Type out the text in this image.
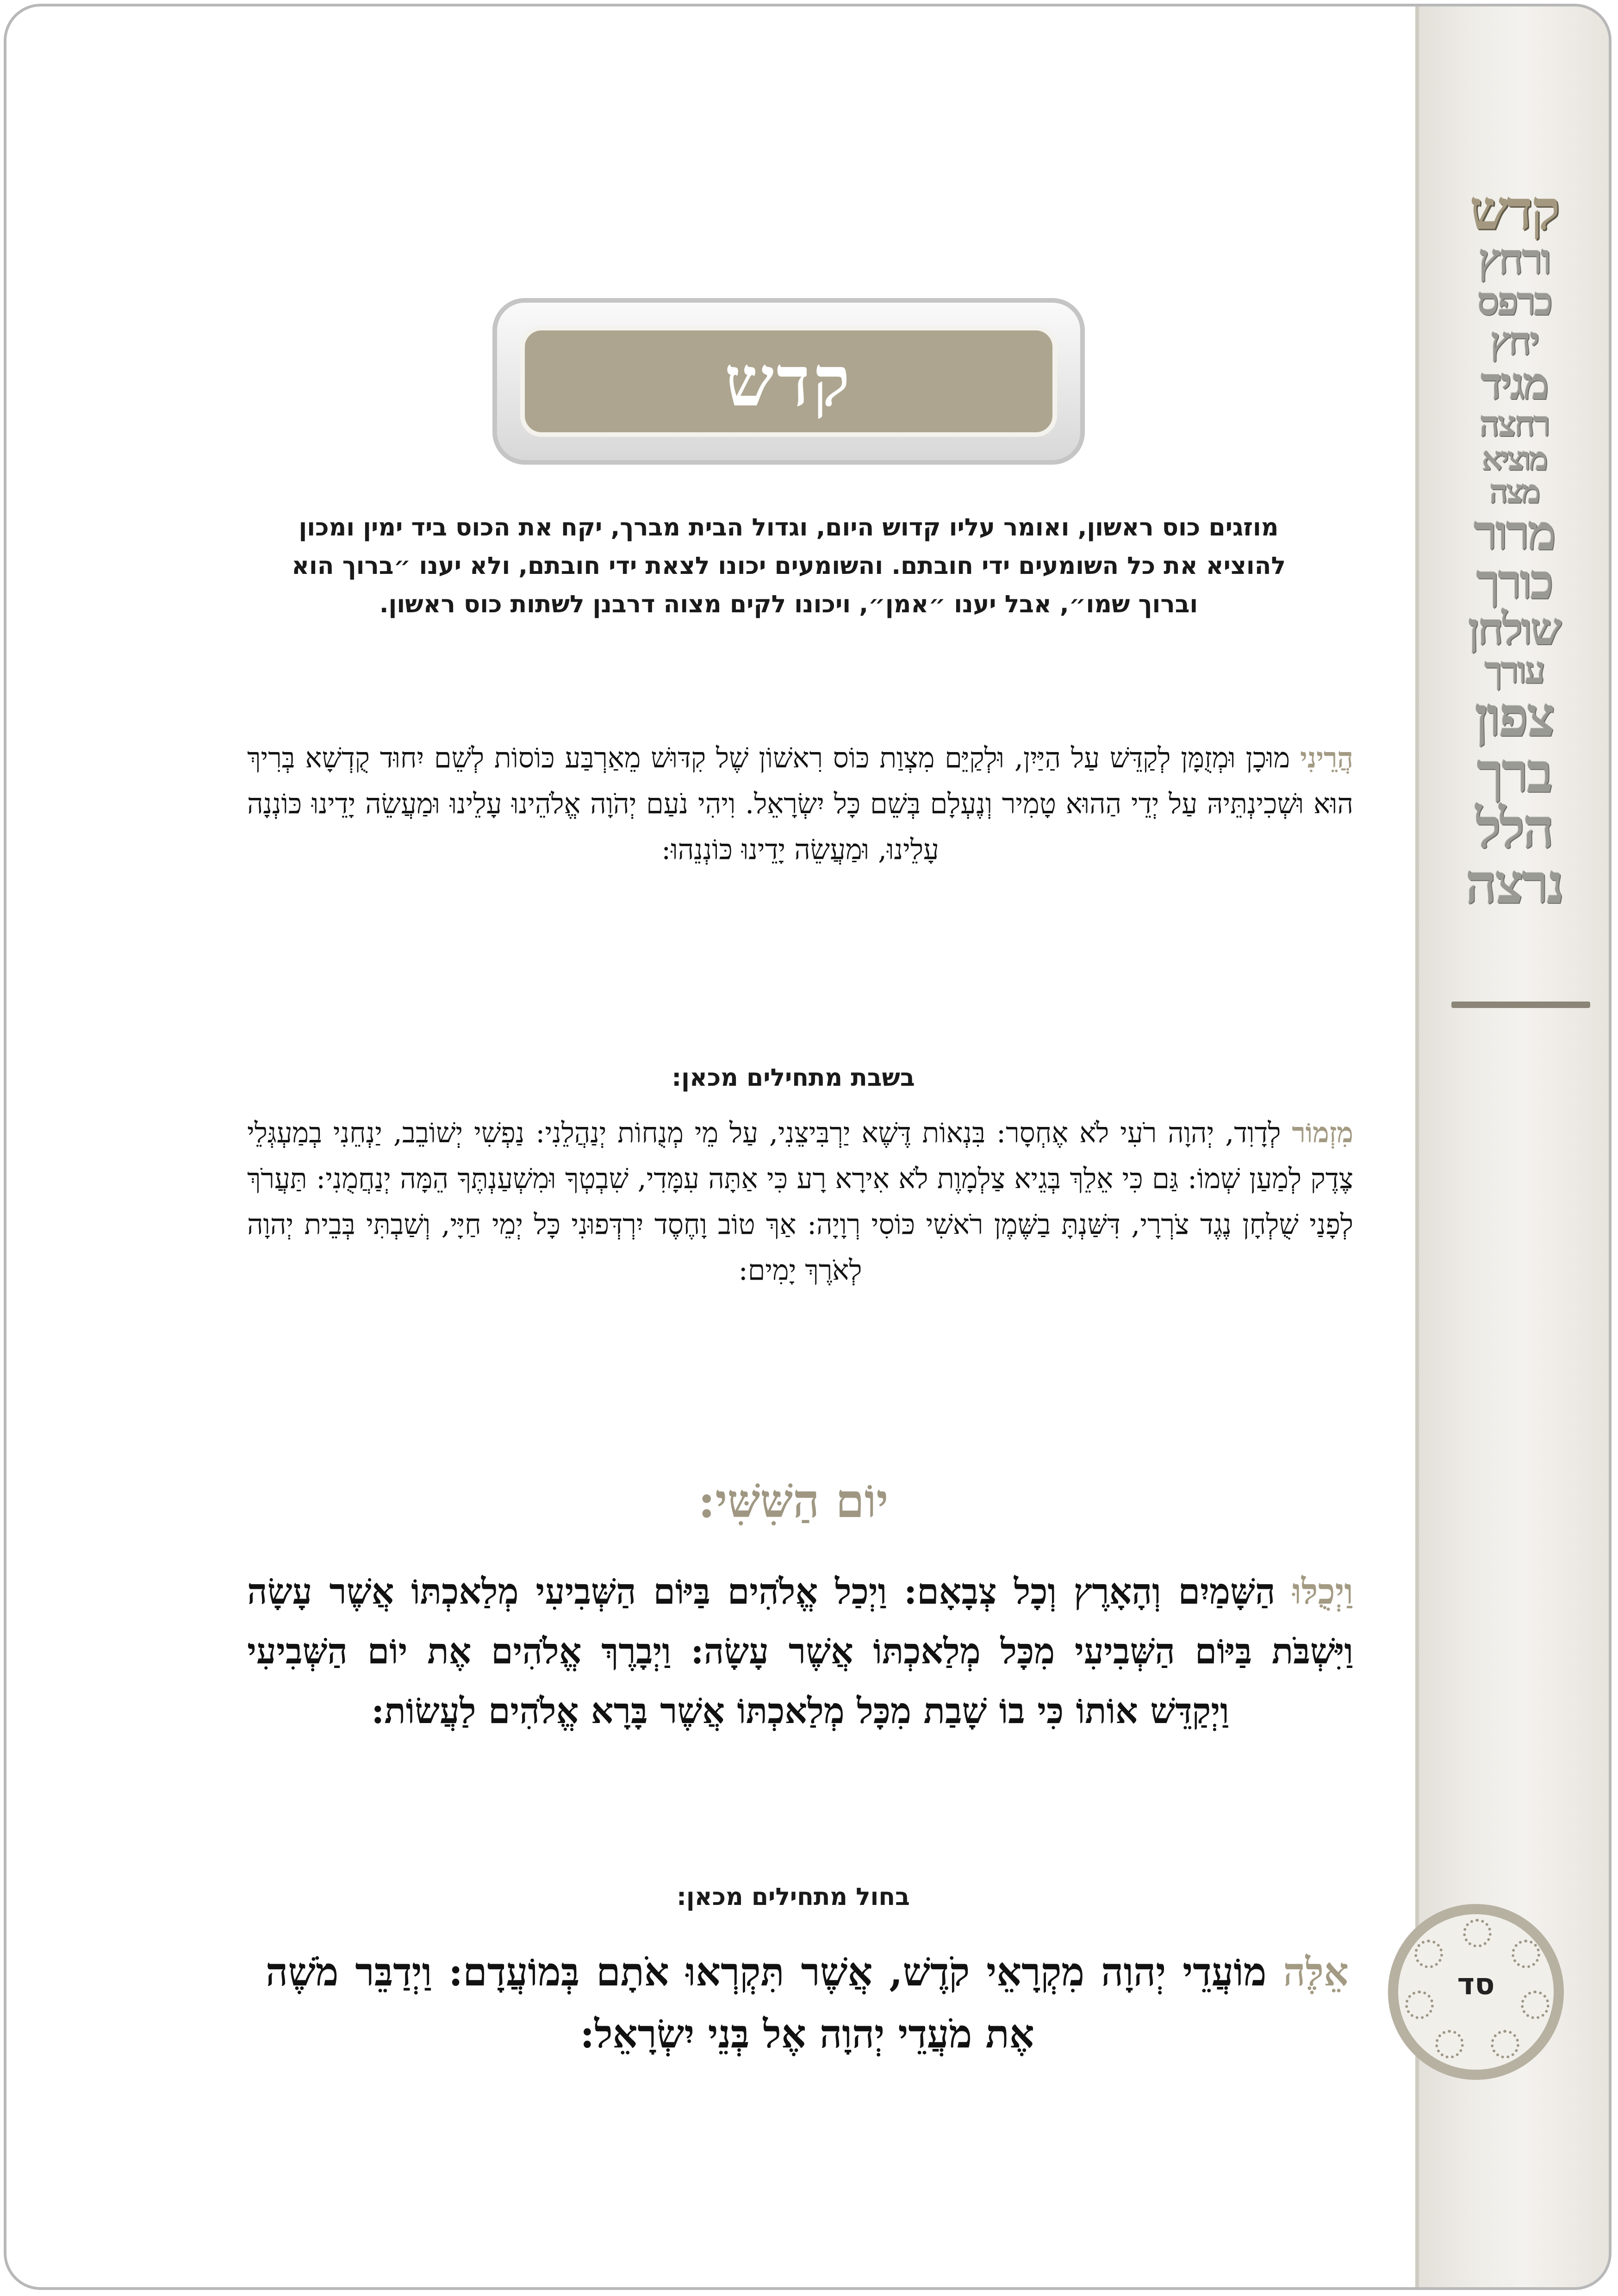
קדש
ורחץ
כרפס
יחץ
מגיד
רחצה
מוציא
מצה
מרור
כורך
שולחן
עורך
צפון
ברך
הלל
נרצה
סד
קדש
מוזגים כוס ראשון, ואומר עליו קדוש היום, וגדול הבית מברך, יקח את הכוס ביד ימין ומכון להוציא את כל השומעים ידי חובתם. והשומעים יכונו לצאת ידי חובתם, ולא יענו ״ברוך הוא וברוך שמו״, אבל יענו ״אמן״, ויכונו לקים מצוה דרבנן לשתות כוס ראשון.
הֲרֵינִי מוּכָן וּמְזֻמָּן לְקַדֵּשׁ עַל הַיַּיִן, וּלְקַיֵּם מִצְוַת כּוֹס רִאשׁוֹן שֶׁל קִדּוּשׁ מֵאַרְבַּע כּוֹסוֹת לְשֵׁם יִחוּד קֻדְשָׁא בְּרִיךְ הוּא וּשְׁכִינְתֵּיהּ עַל יְדֵי הַהוּא טָמִיר וְנֶעְלָם בְּשֵׁם כָּל יִשְׂרָאֵל. וִיהִי נֹעַם יְהֹוָה אֱלֹהֵינוּ עָלֵינוּ וּמַעֲשֵׂה יָדֵינוּ כּוֹנְנָה עָלֵינוּ, וּמַעֲשֵׂה יָדֵינוּ כּוֹנְנֵהוּ:
בשבת מתחילים מכאן:
מִזְמוֹר לְדָוִד, יְהוָה רֹעִי לֹא אֶחְסָר: בִּנְאוֹת דֶּשֶׁא יַרְבִּיצֵנִי, עַל מֵי מְנֻחוֹת יְנַהֲלֵנִי: נַפְשִׁי יְשׁוֹבֵב, יַנְחֵנִי בְמַעְגְּלֵי צֶדֶק לְמַעַן שְׁמוֹ: גַּם כִּי אֵלֵךְ בְּגֵיא צַלְמָוֶת לֹא אִירָא רָע כִּי אַתָּה עִמָּדִי, שִׁבְטְךָ וּמִשְׁעַנְתֶּךָ הֵמָּה יְנַחֲמֻנִי: תַּעֲרֹךְ לְפָנַי שֻׁלְחָן נֶגֶד צֹרְרָי, דִּשַּׁנְתָּ בַשֶּׁמֶן רֹאשִׁי כּוֹסִי רְוָיָה: אַךְ טוֹב וָחֶסֶד יִרְדְּפוּנִי כָּל יְמֵי חַיָּי, וְשַׁבְתִּי בְּבֵית יְהוָה לְאֹרֶךְ יָמִים:
יוֹם הַשִּׁשִּׁי:
וַיְכֻלּוּ הַשָּׁמַיִם וְהָאָרֶץ וְכָל צְבָאָם: וַיְכַל אֱלֹהִים בַּיּוֹם הַשְּׁבִיעִי מְלַאכְתּוֹ אֲשֶׁר עָשָׂה וַיִּשְׁבֹּת בַּיּוֹם הַשְּׁבִיעִי מִכָּל מְלַאכְתּוֹ אֲשֶׁר עָשָׂה: וַיְבָרֶךְ אֱלֹהִים אֶת יוֹם הַשְּׁבִיעִי וַיְקַדֵּשׁ אוֹתוֹ כִּי בוֹ שָׁבַת מִכָּל מְלַאכְתּוֹ אֲשֶׁר בָּרָא אֱלֹהִים לַעֲשׂוֹת:
בחול מתחילים מכאן:
אֵלֶּה מוֹעֲדֵי יְהוָה מִקְרָאֵי קֹדֶשׁ, אֲשֶׁר תִּקְרְאוּ אֹתָם בְּמוֹעֲדָם: וַיְדַבֵּר מֹשֶׁה אֶת מֹעֲדֵי יְהוָה אֶל בְּנֵי יִשְׂרָאֵל:
